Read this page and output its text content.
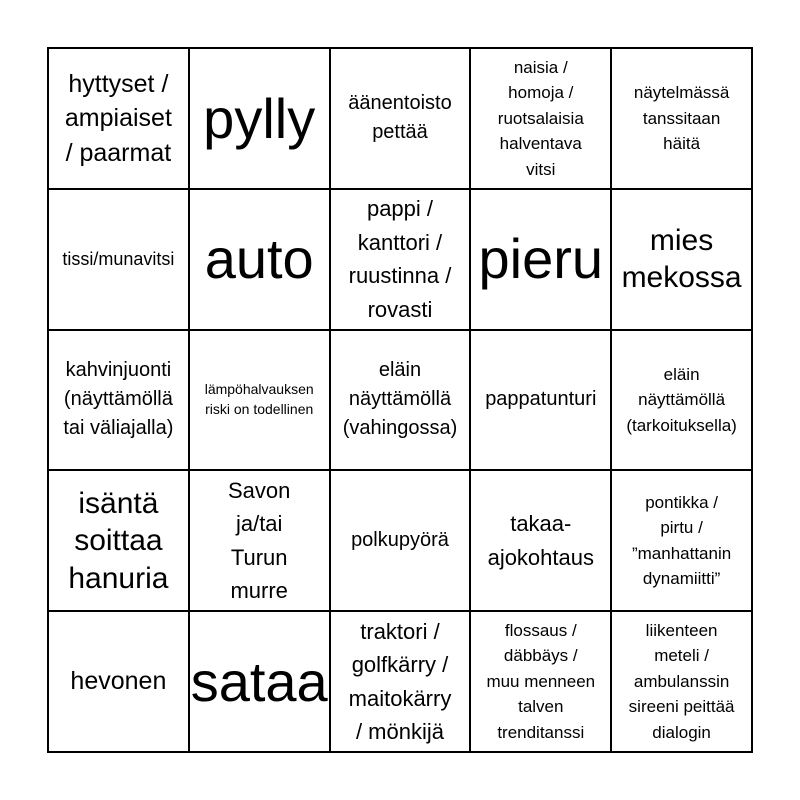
hyttyset /
ampiaiset
/ paarmat
pylly äänentoisto
pettää
naisia /
homoja /
ruotsalaisia
halventava
vitsi
näytelmässä
tanssitaan
häitä
tissi/munavitsi auto
pappi /
kanttori /
ruustinna /
rovasti
pieru	mies
mekossa
kahvinjuonti
(näyttämöllä
tai väliajalla)
lämpöhalvauksen
riski on todellinen
eläin
näyttämöllä
(vahingossa)
pappatunturi
eläin
näyttämöllä
(tarkoituksella)
isäntä
soittaa
hanuria
Savon
ja/tai
Turun
murre
polkupyörä
takaa-
ajokohtaus
pontikka /
pirtu /
”manhattanin
dynamiitti”
hevonen sataa
traktori /
golfkärry /
maitokärry
/ mönkijä
flossaus /
däbbäys /
muu menneen
talven
trenditanssi
liikenteen
meteli /
ambulanssin
sireeni peittää
dialogin
